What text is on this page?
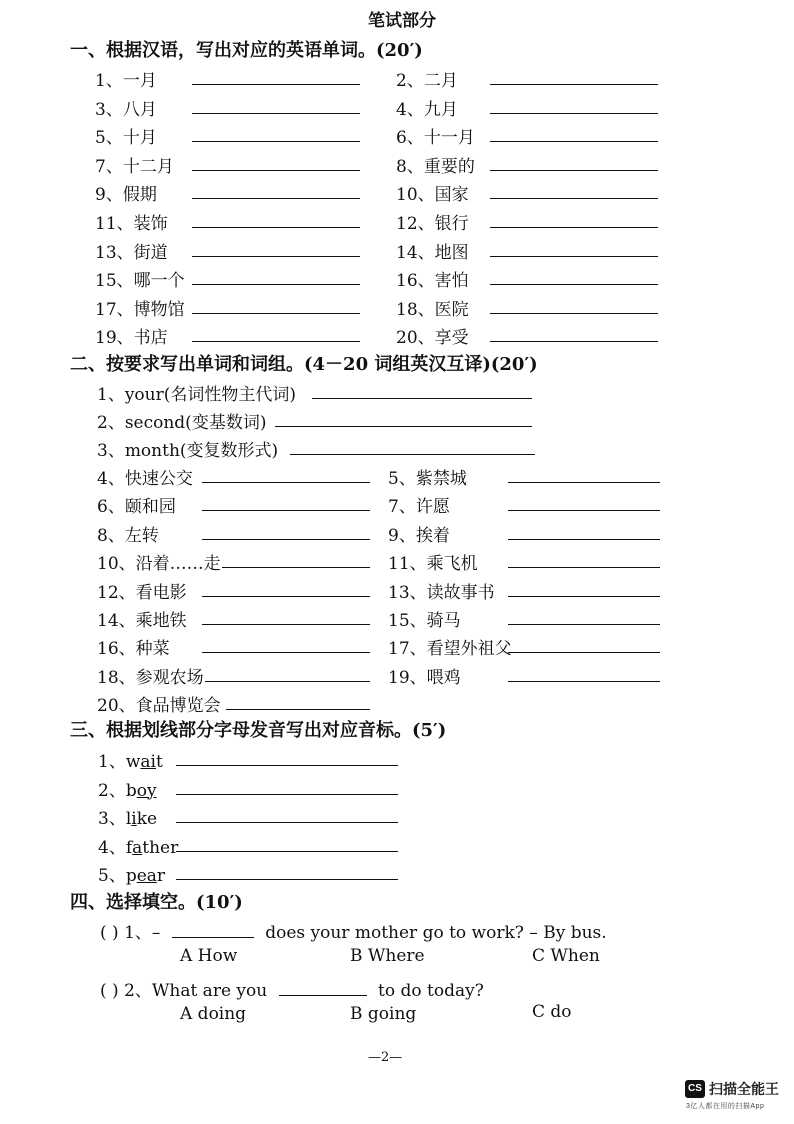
笔试部分
一、根据汉语，写出对应的英语单词。(20′)
1、一月	2、二月
3、八月	4、九月
5、十月	6、十一月
7、十二月	8、重要的
9、假期	10、国家
11、装饰	12、银行
13、街道	14、地图
15、哪一个	16、害怕
17、博物馆	18、医院
19、书店	20、享受
二、按要求写出单词和词组。(4－20 词组英汉互译)(20′)
1、your(名词性物主代词)
2、second(变基数词)
3、month(变复数形式)
4、快速公交	5、紫禁城
6、颐和园	7、许愿
8、左转	9、挨着
10、沿着……走	11、乘飞机
12、看电影	13、读故事书
14、乘地铁	15、骑马
16、种菜	17、看望外祖父
18、参观农场	19、喂鸡
20、食品博览会
三、根据划线部分字母发音写出对应音标。(5′)
1、wait
2、boy
3、like
4、father
5、pear
四、选择填空。(10′)
( ) 1、–	does your mother go to work? – By bus.
A How	B Where	C When
( ) 2、What are you	to do today?
A doing	B going	C do
—2—
CS 扫描全能王
3亿人都在用的扫描App
